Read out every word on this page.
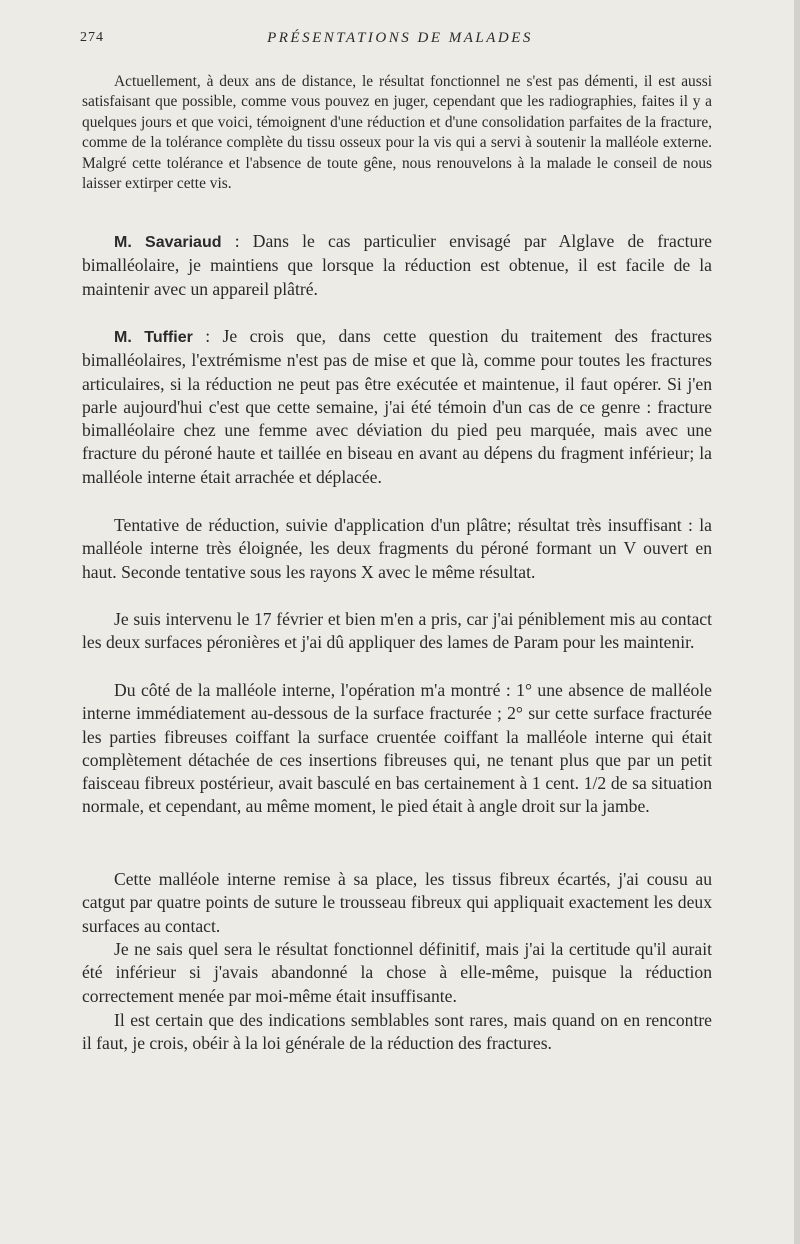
274	PRÉSENTATIONS DE MALADES

Actuellement, à deux ans de distance, le résultat fonctionnel ne s'est pas démenti, il est aussi satisfaisant que possible, comme vous pouvez en juger, cependant que les radiographies, faites il y a quelques jours et que voici, témoignent d'une réduction et d'une consolidation parfaites de la fracture, comme de la tolérance complète du tissu osseux pour la vis qui a servi à soutenir la malléole externe. Malgré cette tolérance et l'absence de toute gêne, nous renouvelons à la malade le conseil de nous laisser extirper cette vis.

M. Savariaud : Dans le cas particulier envisagé par Alglave de fracture bimalléolaire, je maintiens que lorsque la réduction est obtenue, il est facile de la maintenir avec un appareil plâtré.

M. Tuffier : Je crois que, dans cette question du traitement des fractures bimalléolaires, l'extrémisme n'est pas de mise et que là, comme pour toutes les fractures articulaires, si la réduction ne peut pas être exécutée et maintenue, il faut opérer. Si j'en parle aujourd'hui c'est que cette semaine, j'ai été témoin d'un cas de ce genre : fracture bimalléolaire chez une femme avec déviation du pied peu marquée, mais avec une fracture du péroné haute et taillée en biseau en avant au dépens du fragment inférieur; la malléole interne était arrachée et déplacée.

Tentative de réduction, suivie d'application d'un plâtre; résultat très insuffisant : la malléole interne très éloignée, les deux fragments du péroné formant un V ouvert en haut. Seconde tentative sous les rayons X avec le même résultat.

Je suis intervenu le 17 février et bien m'en a pris, car j'ai péniblement mis au contact les deux surfaces péronières et j'ai dû appliquer des lames de Param pour les maintenir.

Du côté de la malléole interne, l'opération m'a montré : 1° une absence de malléole interne immédiatement au-dessous de la surface fracturée ; 2° sur cette surface fracturée les parties fibreuses coiffant la surface cruentée coiffant la malléole interne qui était complètement détachée de ces insertions fibreuses qui, ne tenant plus que par un petit faisceau fibreux postérieur, avait basculé en bas certainement à 1 cent. 1/2 de sa situation normale, et cependant, au même moment, le pied était à angle droit sur la jambe.

Cette malléole interne remise à sa place, les tissus fibreux écartés, j'ai cousu au catgut par quatre points de suture le trousseau fibreux qui appliquait exactement les deux surfaces au contact.

Je ne sais quel sera le résultat fonctionnel définitif, mais j'ai la certitude qu'il aurait été inférieur si j'avais abandonné la chose à elle-même, puisque la réduction correctement menée par moi-même était insuffisante.

Il est certain que des indications semblables sont rares, mais quand on en rencontre il faut, je crois, obéir à la loi générale de la réduction des fractures.
